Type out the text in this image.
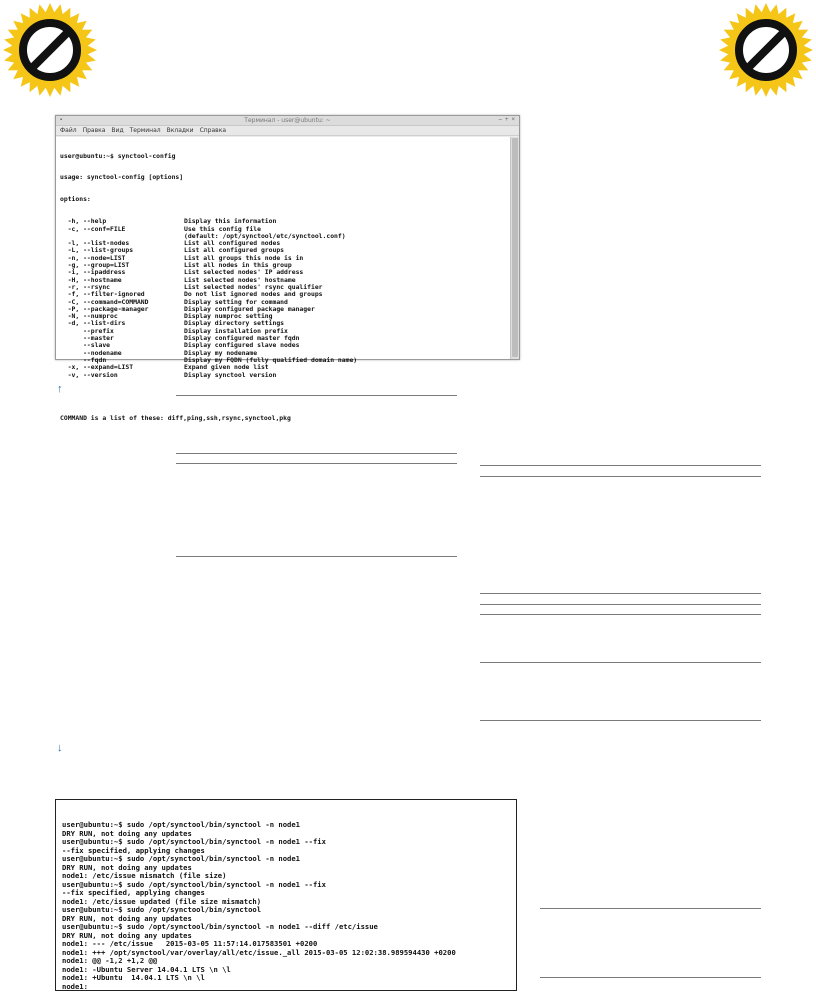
▪	Терминал - user@ubuntu: ~	– + ×
Файл Правка Вид Терминал Вкладки Справка

user@ubuntu:~$ synctool-config

usage: synctool-config [options]

options:

-h, --help	Display this information
-c, --conf=FILE	Use this config file
(default: /opt/synctool/etc/synctool.conf)
-l, --list-nodes	List all configured nodes
-L, --list-groups	List all configured groups
-n, --node=LIST	List all groups this node is in
-g, --group=LIST	List all nodes in this group
-i, --ipaddress	List selected nodes' IP address
-H, --hostname	List selected nodes' hostname
-r, --rsync	List selected nodes' rsync qualifier
-f, --filter-ignored	Do not list ignored nodes and groups
-C, --command=COMMAND	Display setting for command
-P, --package-manager	Display configured package manager
-N, --numproc	Display numproc setting
-d, --list-dirs	Display directory settings
--prefix	Display installation prefix
--master	Display configured master fqdn
--slave	Display configured slave nodes
--nodename	Display my nodename
--fqdn	Display my FQDN (fully qualified domain name)
-x, --expand=LIST	Expand given node list
-v, --version	Display synctool version

COMMAND is a list of these: diff,ping,ssh,rsync,synctool,pkg

↑
↓

user@ubuntu:~$ sudo /opt/synctool/bin/synctool -n node1
DRY RUN, not doing any updates
user@ubuntu:~$ sudo /opt/synctool/bin/synctool -n node1 --fix
--fix specified, applying changes
user@ubuntu:~$ sudo /opt/synctool/bin/synctool -n node1
DRY RUN, not doing any updates
node1: /etc/issue mismatch (file size)
user@ubuntu:~$ sudo /opt/synctool/bin/synctool -n node1 --fix
--fix specified, applying changes
node1: /etc/issue updated (file size mismatch)
user@ubuntu:~$ sudo /opt/synctool/bin/synctool
DRY RUN, not doing any updates
user@ubuntu:~$ sudo /opt/synctool/bin/synctool -n node1 --diff /etc/issue
DRY RUN, not doing any updates
node1: --- /etc/issue   2015-03-05 11:57:14.017583501 +0200
node1: +++ /opt/synctool/var/overlay/all/etc/issue._all 2015-03-05 12:02:38.989594430 +0200
node1: @@ -1,2 +1,2 @@
node1: -Ubuntu Server 14.04.1 LTS \n \l
node1: +Ubuntu  14.04.1 LTS \n \l
node1:
